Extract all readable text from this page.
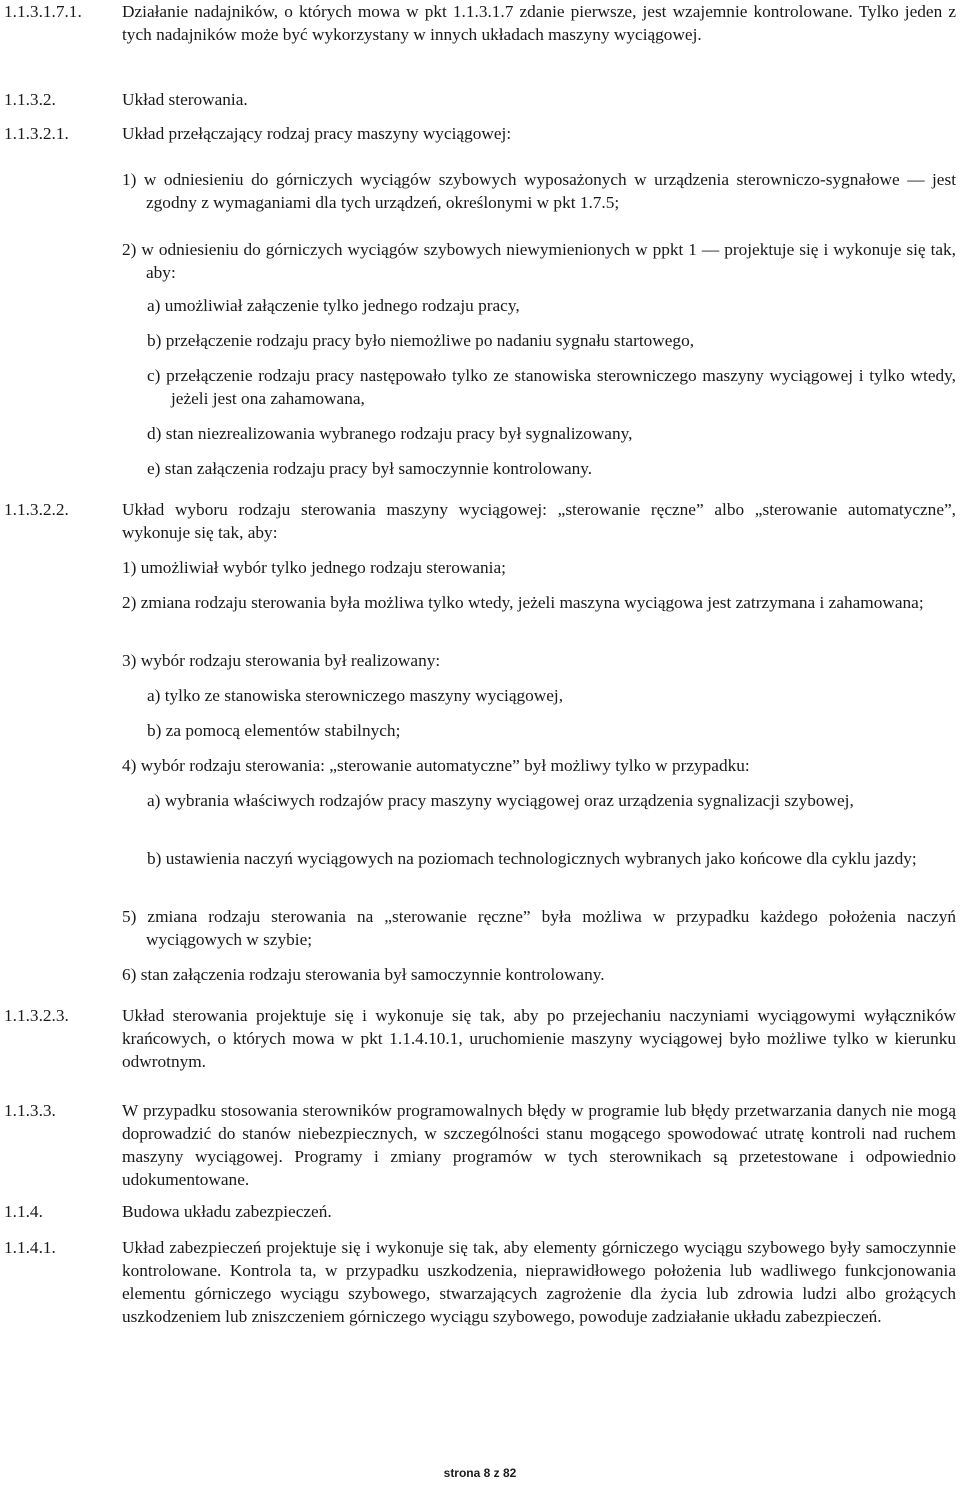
1.1.3.1.7.1. Działanie nadajników, o których mowa w pkt 1.1.3.1.7 zdanie pierwsze, jest wzajemnie kontrolowane. Tylko jeden z tych nadajników może być wykorzystany w innych układach maszyny wyciągowej.
1.1.3.2.	Układ sterowania.
1.1.3.2.1.	Układ przełączający rodzaj pracy maszyny wyciągowej:
1) w odniesieniu do górniczych wyciągów szybowych wyposażonych w urządzenia sterowniczo-sygnałowe — jest zgodny z wymaganiami dla tych urządzeń, określonymi w pkt 1.7.5;
2) w odniesieniu do górniczych wyciągów szybowych niewymienionych w ppkt 1 — projektuje się i wykonuje się tak, aby:
a) umożliwiał załączenie tylko jednego rodzaju pracy,
b) przełączenie rodzaju pracy było niemożliwe po nadaniu sygnału startowego,
c) przełączenie rodzaju pracy następowało tylko ze stanowiska sterowniczego maszyny wyciągowej i tylko wtedy, jeżeli jest ona zahamowana,
d) stan niezrealizowania wybranego rodzaju pracy był sygnalizowany,
e) stan załączenia rodzaju pracy był samoczynnie kontrolowany.
1.1.3.2.2.	Układ wyboru rodzaju sterowania maszyny wyciągowej: „sterowanie ręczne” albo „sterowanie automatyczne”, wykonuje się tak, aby:
1) umożliwiał wybór tylko jednego rodzaju sterowania;
2) zmiana rodzaju sterowania była możliwa tylko wtedy, jeżeli maszyna wyciągowa jest zatrzymana i zahamowana;
3) wybór rodzaju sterowania był realizowany:
a) tylko ze stanowiska sterowniczego maszyny wyciągowej,
b) za pomocą elementów stabilnych;
4) wybór rodzaju sterowania: „sterowanie automatyczne” był możliwy tylko w przypadku:
a) wybrania właściwych rodzajów pracy maszyny wyciągowej oraz urządzenia sygnalizacji szybowej,
b) ustawienia naczyń wyciągowych na poziomach technologicznych wybranych jako końcowe dla cyklu jazdy;
5) zmiana rodzaju sterowania na „sterowanie ręczne” była możliwa w przypadku każdego położenia naczyń wyciągowych w szybie;
6) stan załączenia rodzaju sterowania był samoczynnie kontrolowany.
1.1.3.2.3.	Układ sterowania projektuje się i wykonuje się tak, aby po przejechaniu naczyniami wyciągowymi wyłączników krańcowych, o których mowa w pkt 1.1.4.10.1, uruchomienie maszyny wyciągowej było możliwe tylko w kierunku odwrotnym.
1.1.3.3.	W przypadku stosowania sterowników programowalnych błędy w programie lub błędy przetwarzania danych nie mogą doprowadzić do stanów niebezpiecznych, w szczególności stanu mogącego spowodować utratę kontroli nad ruchem maszyny wyciągowej. Programy i zmiany programów w tych sterownikach są przetestowane i odpowiednio udokumentowane.
1.1.4.	Budowa układu zabezpieczeń.
1.1.4.1.	Układ zabezpieczeń projektuje się i wykonuje się tak, aby elementy górniczego wyciągu szybowego były samoczynnie kontrolowane. Kontrola ta, w przypadku uszkodzenia, nieprawidłowego położenia lub wadliwego funkcjonowania elementu górniczego wyciągu szybowego, stwarzających zagrożenie dla życia lub zdrowia ludzi albo grożących uszkodzeniem lub zniszczeniem górniczego wyciągu szybowego, powoduje zadziałanie układu zabezpieczeń.
strona 8 z 82
